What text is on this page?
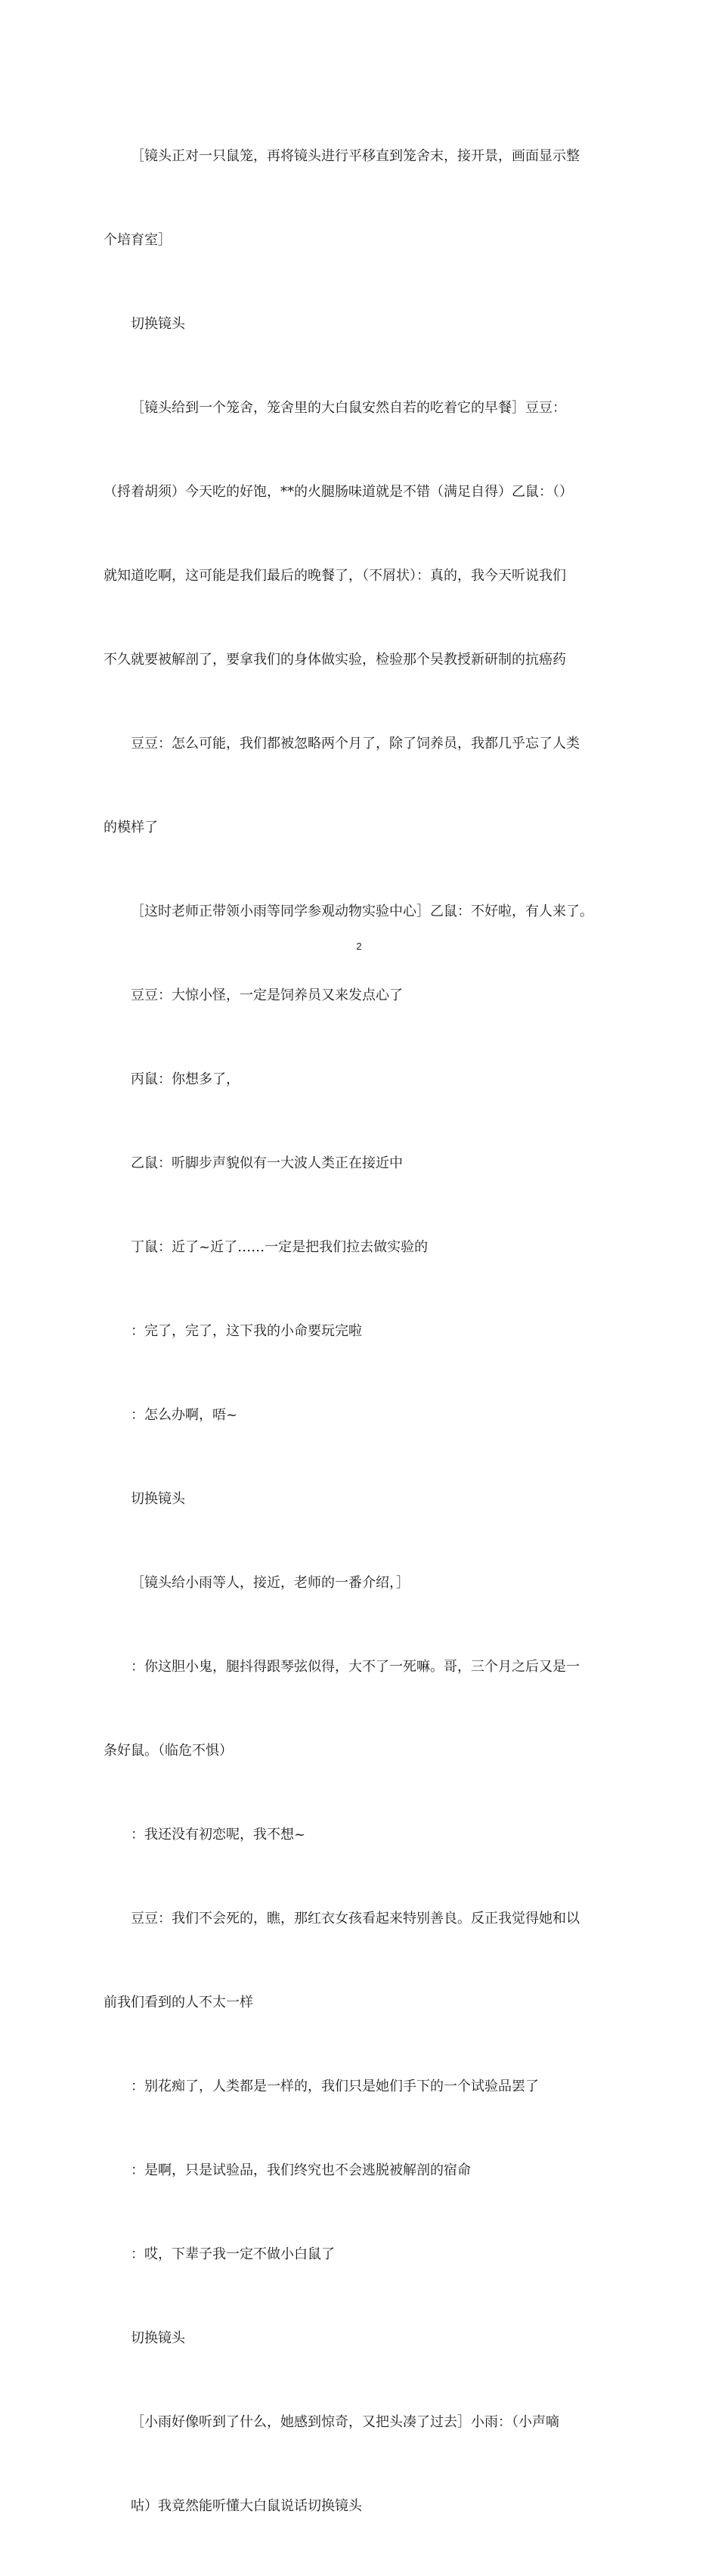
［镜头正对一只鼠笼，再将镜头进行平移直到笼舍末，接开景，画面显示整

个培育室］

切换镜头

［镜头给到一个笼舍，笼舍里的大白鼠安然自若的吃着它的早餐］豆豆：

（捋着胡须）今天吃的好饱，**的火腿肠味道就是不错（满足自得）乙鼠：（）

就知道吃啊，这可能是我们最后的晚餐了，（不屑状）：真的，我今天听说我们

不久就要被解剖了，要拿我们的身体做实验，检验那个吴教授新研制的抗癌药

豆豆：怎么可能，我们都被忽略两个月了，除了饲养员，我都几乎忘了人类

的模样了

［这时老师正带领小雨等同学参观动物实验中心］乙鼠：不好啦，有人来了。

豆豆：大惊小怪，一定是饲养员又来发点心了

丙鼠：你想多了，

乙鼠：听脚步声貌似有一大波人类正在接近中

丁鼠：近了~近了……一定是把我们拉去做实验的

：完了，完了，这下我的小命要玩完啦

：怎么办啊，唔~

切换镜头

［镜头给小雨等人，接近，老师的一番介绍，］

：你这胆小鬼，腿抖得跟琴弦似得，大不了一死嘛。哥，三个月之后又是一

条好鼠。（临危不惧）

：我还没有初恋呢，我不想~

豆豆：我们不会死的，瞧，那红衣女孩看起来特别善良。反正我觉得她和以

前我们看到的人不太一样

：别花痴了，人类都是一样的，我们只是她们手下的一个试验品罢了

：是啊，只是试验品，我们终究也不会逃脱被解剖的宿命

：哎，下辈子我一定不做小白鼠了

切换镜头

［小雨好像听到了什么，她感到惊奇，又把头凑了过去］小雨：（小声嘀

咕）我竟然能听懂大白鼠说话切换镜头

2
